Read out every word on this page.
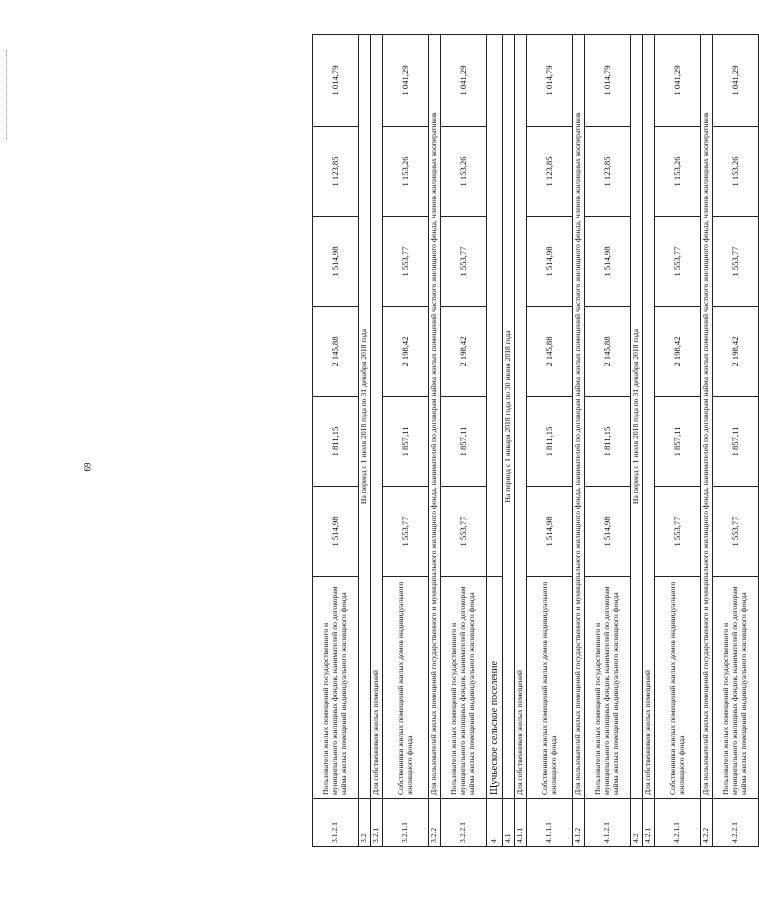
69
3.1.2.1	Пользователи жилых помещений государственного и муниципального жилищных фондов, нанимателей по договорам найма жилых помещений индивидуального жилищного фонда	1 514,98	1 811,15	2 145,88	1 514,98	1 123,85	1 014,79
3.2	На период с 1 июля 2018 года по 31 декабря 2018 года						
3.2.1	Для собственников жилых помещений						
3.2.1.1	Собственники жилых помещений жилых домов индивидуального жилищного фонда	1 553,77	1 857,11	2 198,42	1 553,77	1 153,26	1 041,29
3.2.2	Для пользователей жилых помещений государственного и муниципального жилищного фонда, нанимателей по договорам найма жилых помещений частного жилищного фонда, членов жилищных кооперативов						
3.2.2.1	Пользователи жилых помещений государственного и муниципального жилищных фондов, нанимателей по договорам найма жилых помещений индивидуального жилищного фонда	1 553,77	1 857,11	2 198,42	1 553,77	1 153,26	1 041,29
4	Щучьеское сельское поселение						
4.1	На период с 1 января 2018 года по 30 июня 2018 года						
4.1.1	Для собственников жилых помещений						
4.1.1.1	Собственники жилых помещений жилых домов индивидуального жилищного фонда	1 514,98	1 811,15	2 145,88	1 514,98	1 123,85	1 014,79
4.1.2	Для пользователей жилых помещений государственного и муниципального жилищного фонда, нанимателей по договорам найма жилых помещений частного жилищного фонда, членов жилищных кооперативов						
4.1.2.1	Пользователи жилых помещений государственного и муниципального жилищных фондов, нанимателей по договорам найма жилых помещений индивидуального жилищного фонда	1 514,98	1 811,15	2 145,88	1 514,98	1 123,85	1 014,79
4.2	На период с 1 июля 2018 года по 31 декабря 2018 года						
4.2.1	Для собственников жилых помещений						
4.2.1.1	Собственники жилых помещений жилых домов индивидуального жилищного фонда	1 553,77	1 857,11	2 198,42	1 553,77	1 153,26	1 041,29
4.2.2	Для пользователей жилых помещений государственного и муниципального жилищного фонда, нанимателей по договорам найма жилых помещений частного жилищного фонда, членов жилищных кооперативов						
4.2.2.1	Пользователи жилых помещений государственного и муниципального жилищных фондов, нанимателей по договорам найма жилых помещений индивидуального жилищного фонда	1 553,77	1 857,11	2 198,42	1 553,77	1 153,26	1 041,29
